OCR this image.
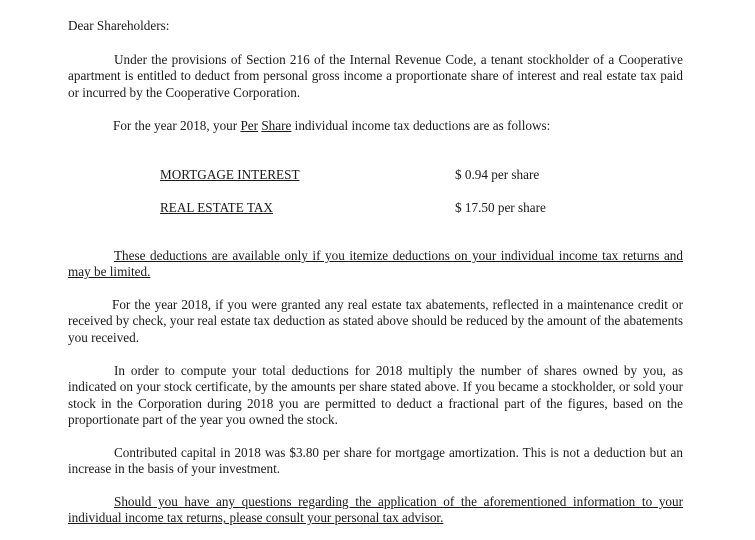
Dear Shareholders:
Under the provisions of Section 216 of the Internal Revenue Code, a tenant stockholder of a Cooperative apartment is entitled to deduct from personal gross income a proportionate share of interest and real estate tax paid or incurred by the Cooperative Corporation.
For the year 2018, your Per Share individual income tax deductions are as follows:
MORTGAGE INTEREST	$ 0.94 per share
REAL ESTATE TAX	$ 17.50 per share
These deductions are available only if you itemize deductions on your individual income tax returns and may be limited.
For the year 2018, if you were granted any real estate tax abatements, reflected in a maintenance credit or received by check, your real estate tax deduction as stated above should be reduced by the amount of the abatements you received.
In order to compute your total deductions for 2018 multiply the number of shares owned by you, as indicated on your stock certificate, by the amounts per share stated above. If you became a stockholder, or sold your stock in the Corporation during 2018 you are permitted to deduct a fractional part of the figures, based on the proportionate part of the year you owned the stock.
Contributed capital in 2018 was $3.80 per share for mortgage amortization. This is not a deduction but an increase in the basis of your investment.
Should you have any questions regarding the application of the aforementioned information to your individual income tax returns, please consult your personal tax advisor.
